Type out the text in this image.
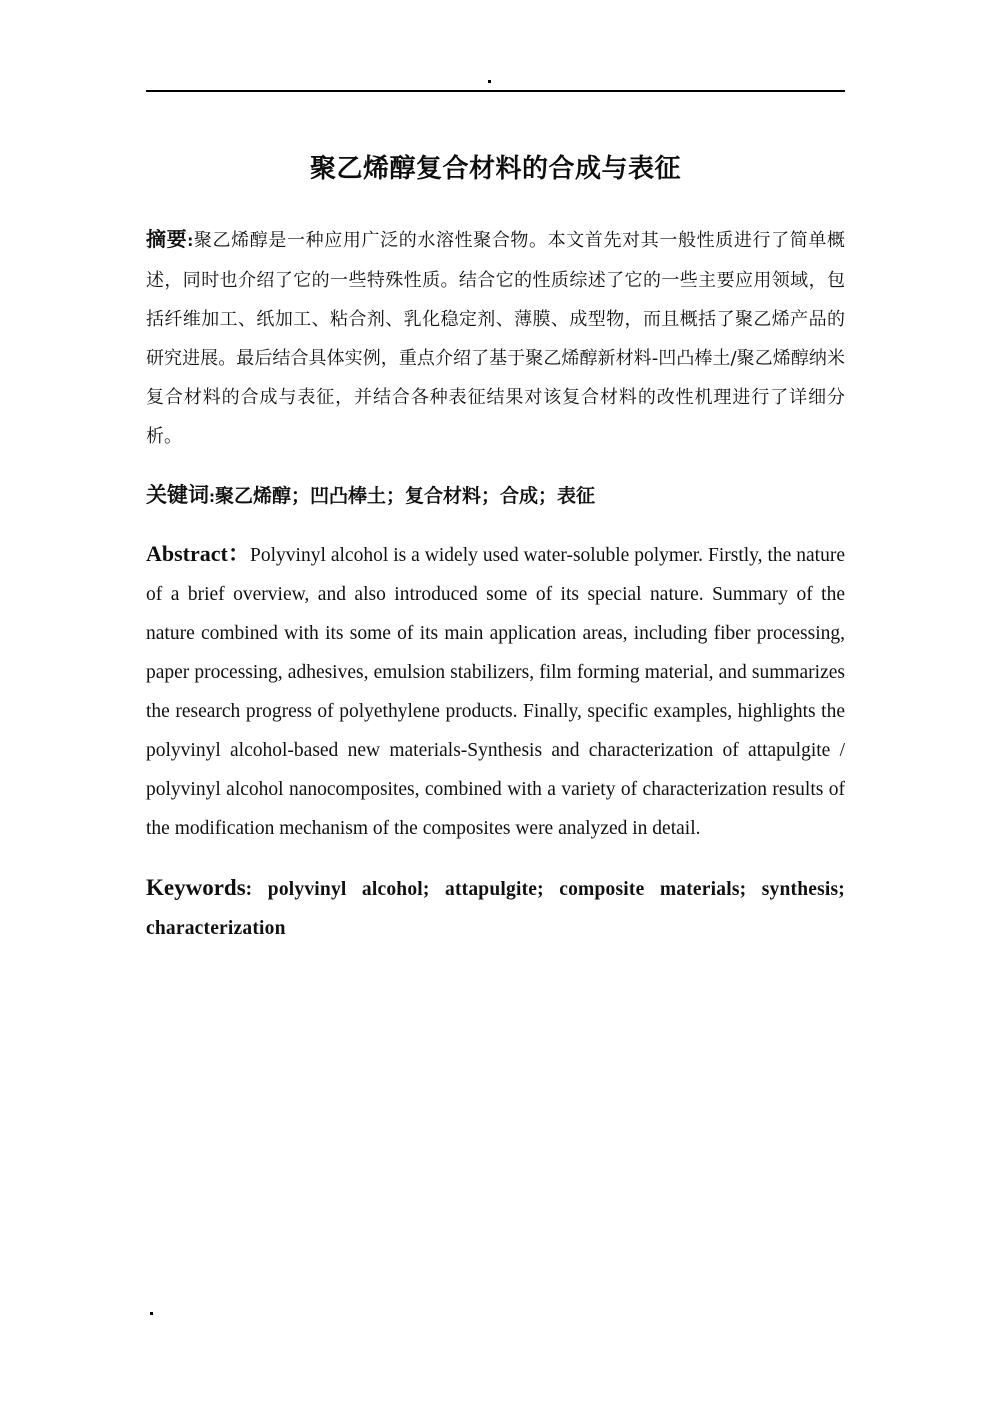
聚乙烯醇复合材料的合成与表征

摘要:聚乙烯醇是一种应用广泛的水溶性聚合物。本文首先对其一般性质进行了简单概述，同时也介绍了它的一些特殊性质。结合它的性质综述了它的一些主要应用领域，包括纤维加工、纸加工、粘合剂、乳化稳定剂、薄膜、成型物，而且概括了聚乙烯产品的研究进展。最后结合具体实例，重点介绍了基于聚乙烯醇新材料-凹凸棒土/聚乙烯醇纳米复合材料的合成与表征，并结合各种表征结果对该复合材料的改性机理进行了详细分析。

关键词:聚乙烯醇；凹凸棒土；复合材料；合成；表征

Abstract：Polyvinyl alcohol is a widely used water-soluble polymer. Firstly, the nature of a brief overview, and also introduced some of its special nature. Summary of the nature combined with its some of its main application areas, including fiber processing, paper processing, adhesives, emulsion stabilizers, film forming material, and summarizes the research progress of polyethylene products. Finally, specific examples, highlights the polyvinyl alcohol-based new materials-Synthesis and characterization of attapulgite / polyvinyl alcohol nanocomposites, combined with a variety of characterization results of the modification mechanism of the composites were analyzed in detail.

Keywords: polyvinyl alcohol; attapulgite; composite materials; synthesis; characterization
